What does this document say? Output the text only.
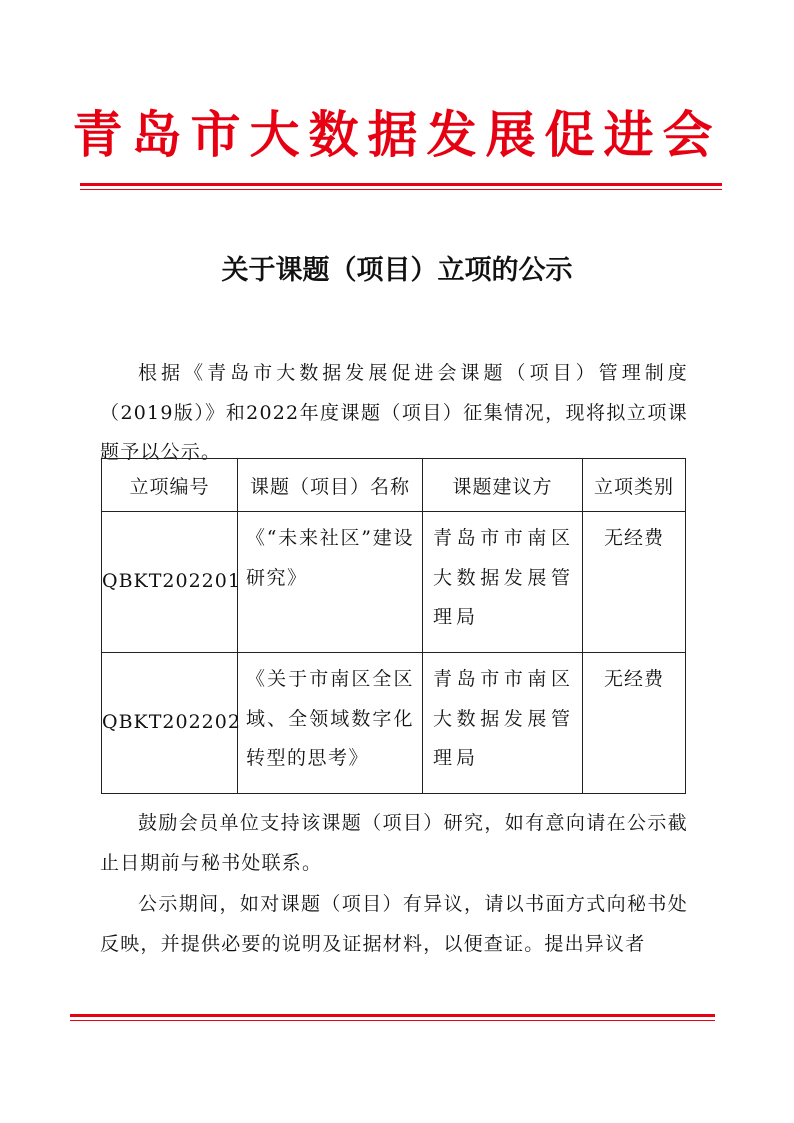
青岛市大数据发展促进会
关于课题（项目）立项的公示

根据《青岛市大数据发展促进会课题（项目）管理制度（2019版）》和2022年度课题（项目）征集情况，现将拟立项课题予以公示。

立项编号	课题（项目）名称	课题建议方	立项类别
QBKT202201	《“未来社区”建设研究》	青岛市市南区大数据发展管理局	无经费
QBKT202202	《关于市南区全区域、全领域数字化转型的思考》	青岛市市南区大数据发展管理局	无经费

鼓励会员单位支持该课题（项目）研究，如有意向请在公示截止日期前与秘书处联系。

公示期间，如对课题（项目）有异议，请以书面方式向秘书处反映，并提供必要的说明及证据材料，以便查证。提出异议者
